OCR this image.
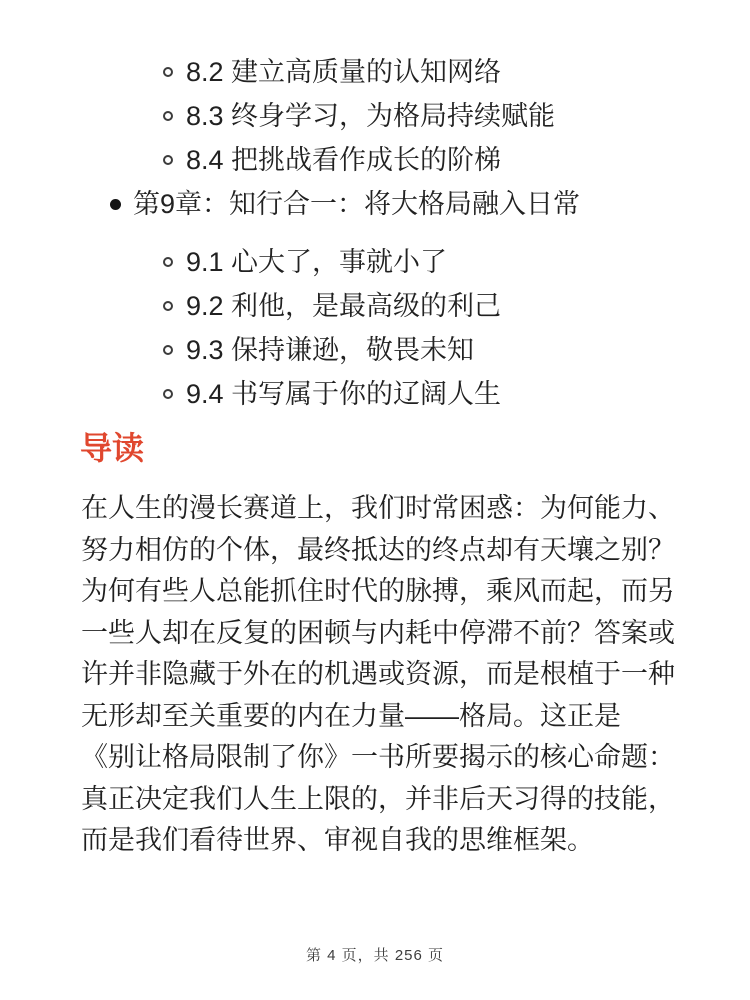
8.2 建立高质量的认知网络
8.3 终身学习，为格局持续赋能
8.4 把挑战看作成长的阶梯
第9章：知行合一：将大格局融入日常
9.1 心大了，事就小了
9.2 利他，是最高级的利己
9.3 保持谦逊，敬畏未知
9.4 书写属于你的辽阔人生
导读
在人生的漫长赛道上，我们时常困惑：为何能力、
努力相仿的个体，最终抵达的终点却有天壤之别？
为何有些人总能抓住时代的脉搏，乘风而起，而另
一些人却在反复的困顿与内耗中停滞不前？答案或
许并非隐藏于外在的机遇或资源，而是根植于一种
无形却至关重要的内在力量——格局。这正是
《别让格局限制了你》一书所要揭示的核心命题：
真正决定我们人生上限的，并非后天习得的技能，
而是我们看待世界、审视自我的思维框架。
第 4 页，共 256 页
